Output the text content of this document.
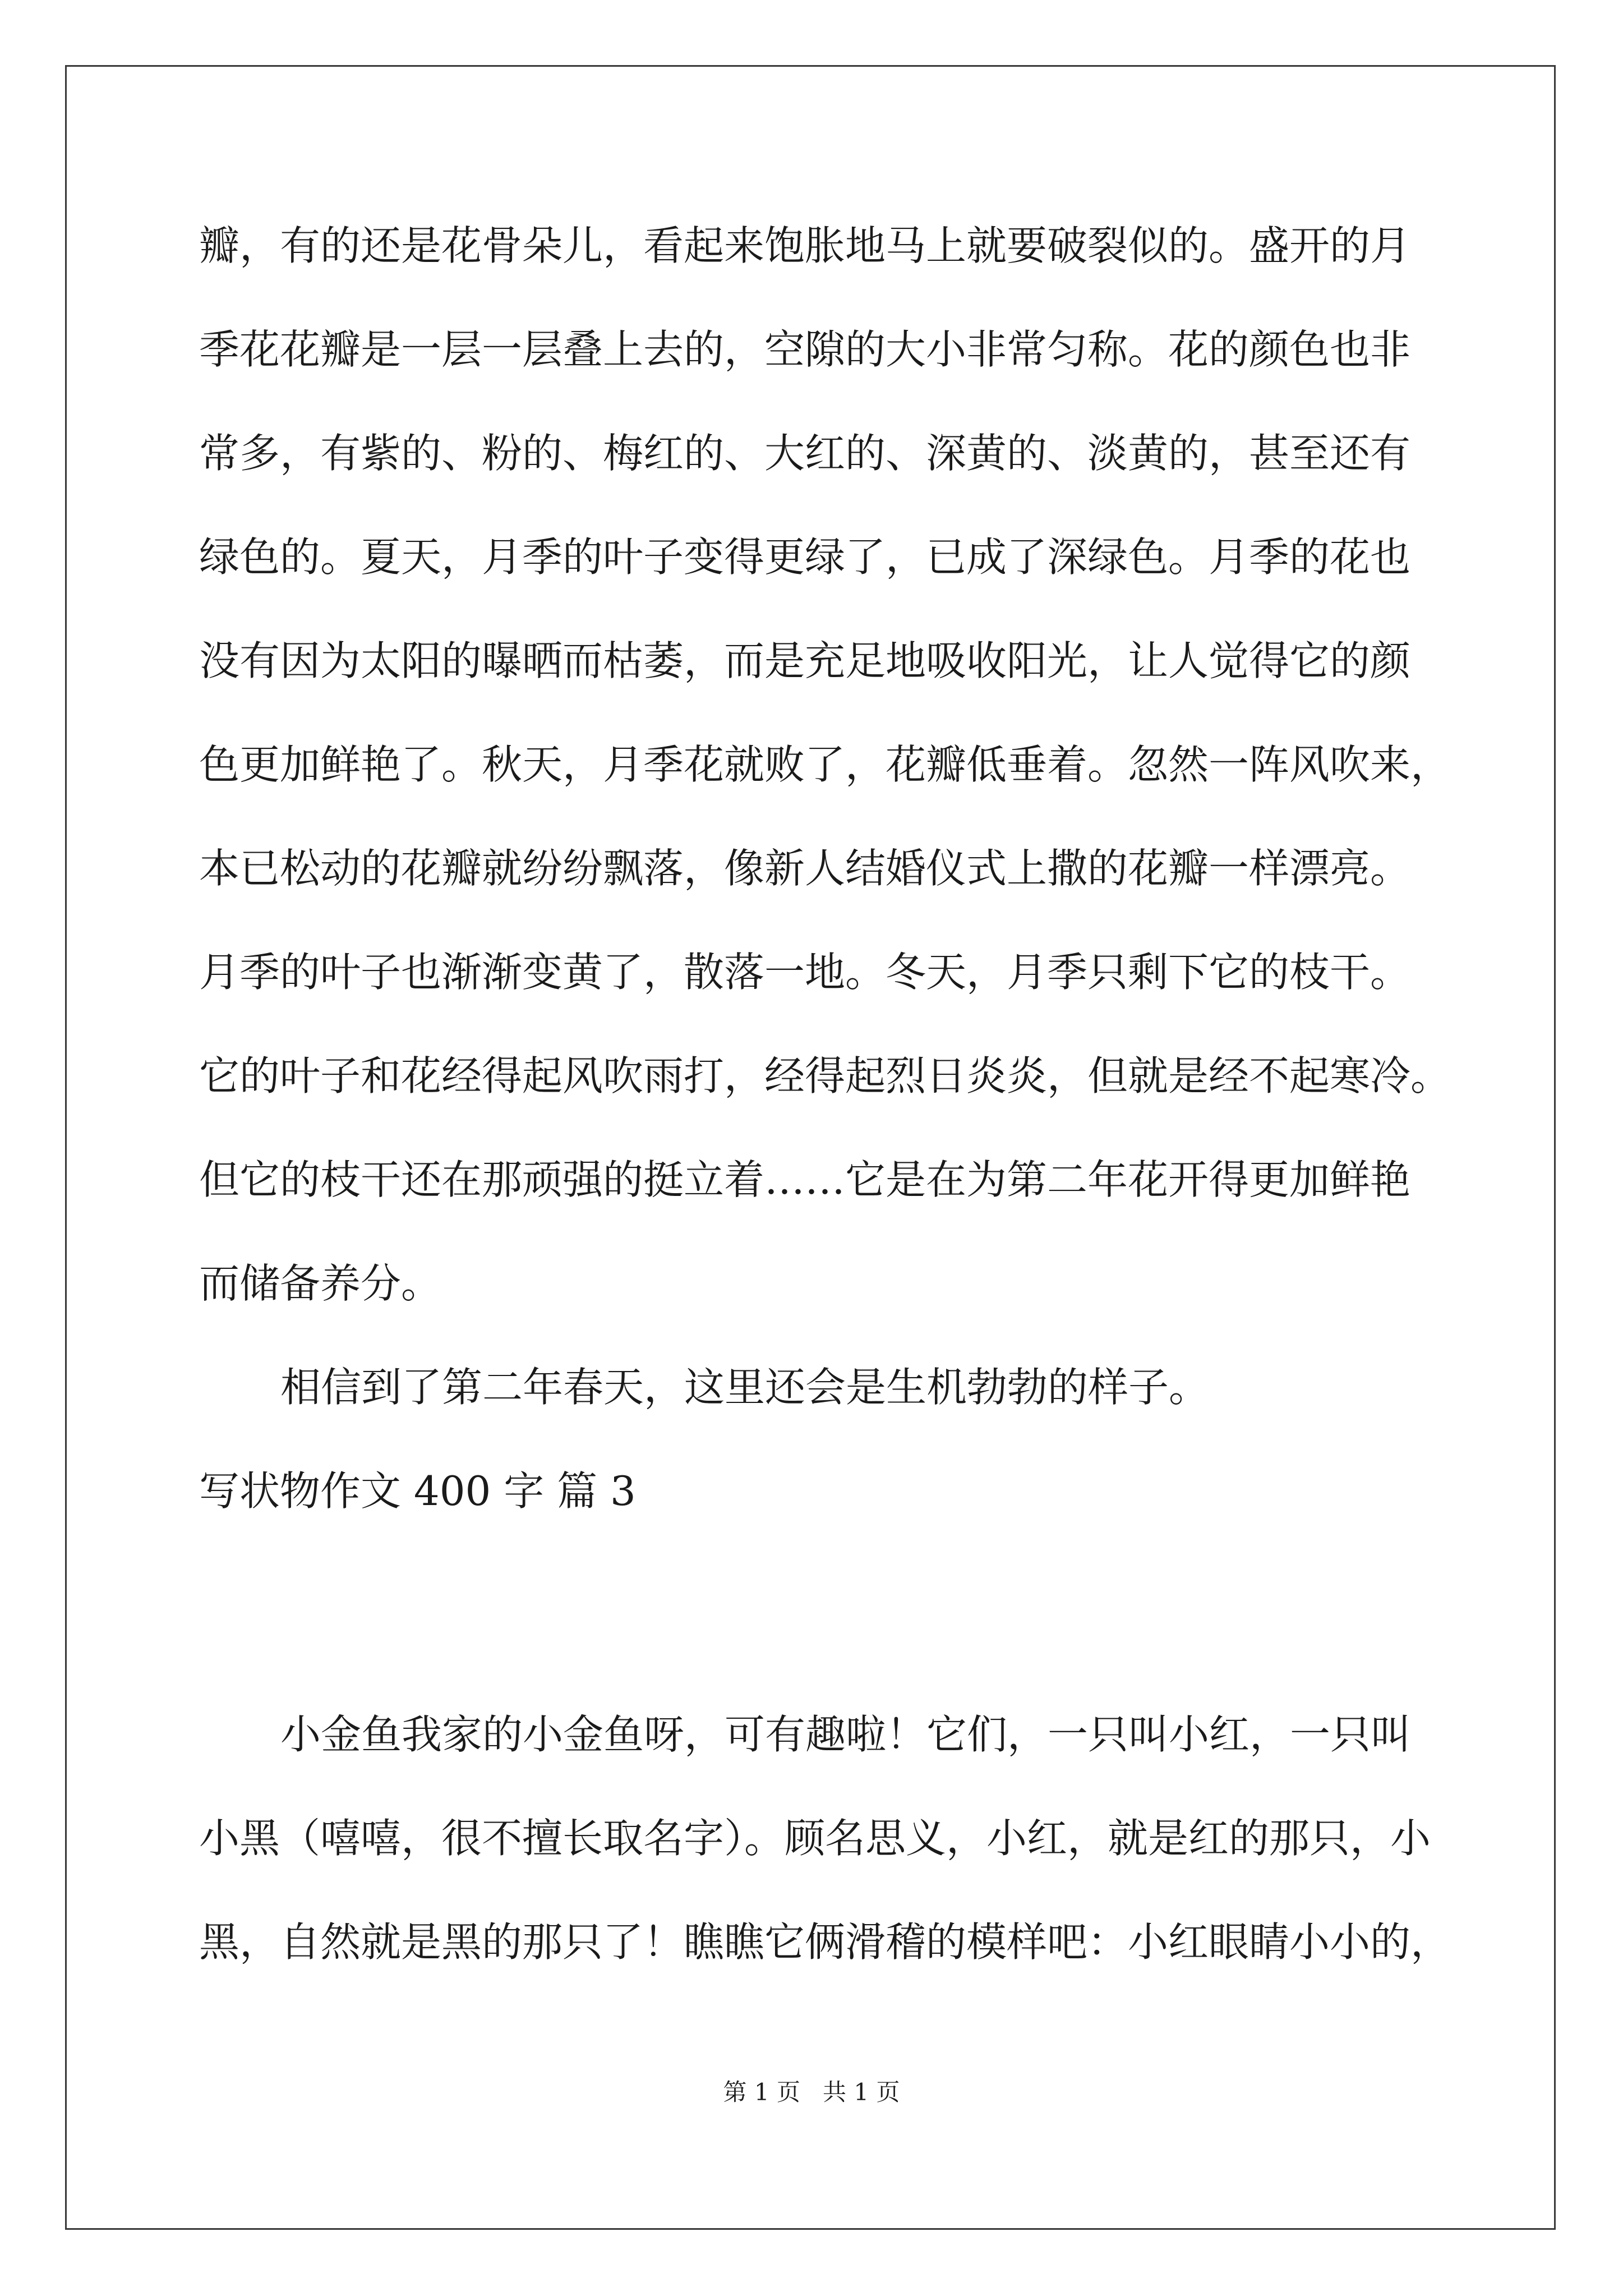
瓣，有的还是花骨朵儿，看起来饱胀地马上就要破裂似的。盛开的月

季花花瓣是一层一层叠上去的，空隙的大小非常匀称。花的颜色也非

常多，有紫的、粉的、梅红的、大红的、深黄的、淡黄的，甚至还有

绿色的。夏天，月季的叶子变得更绿了，已成了深绿色。月季的花也

没有因为太阳的曝晒而枯萎，而是充足地吸收阳光，让人觉得它的颜

色更加鲜艳了。秋天，月季花就败了，花瓣低垂着。忽然一阵风吹来，

本已松动的花瓣就纷纷飘落，像新人结婚仪式上撒的花瓣一样漂亮。

月季的叶子也渐渐变黄了，散落一地。冬天，月季只剩下它的枝干。

它的叶子和花经得起风吹雨打，经得起烈日炎炎，但就是经不起寒冷。

但它的枝干还在那顽强的挺立着……它是在为第二年花开得更加鲜艳

而储备养分。

相信到了第二年春天，这里还会是生机勃勃的样子。

写状物作文 400 字 篇 3

小金鱼我家的小金鱼呀，可有趣啦！它们，一只叫小红，一只叫

小黑（嘻嘻，很不擅长取名字）。顾名思义，小红，就是红的那只，小

黑，自然就是黑的那只了！瞧瞧它俩滑稽的模样吧：小红眼睛小小的，

第 1 页   共 1 页
